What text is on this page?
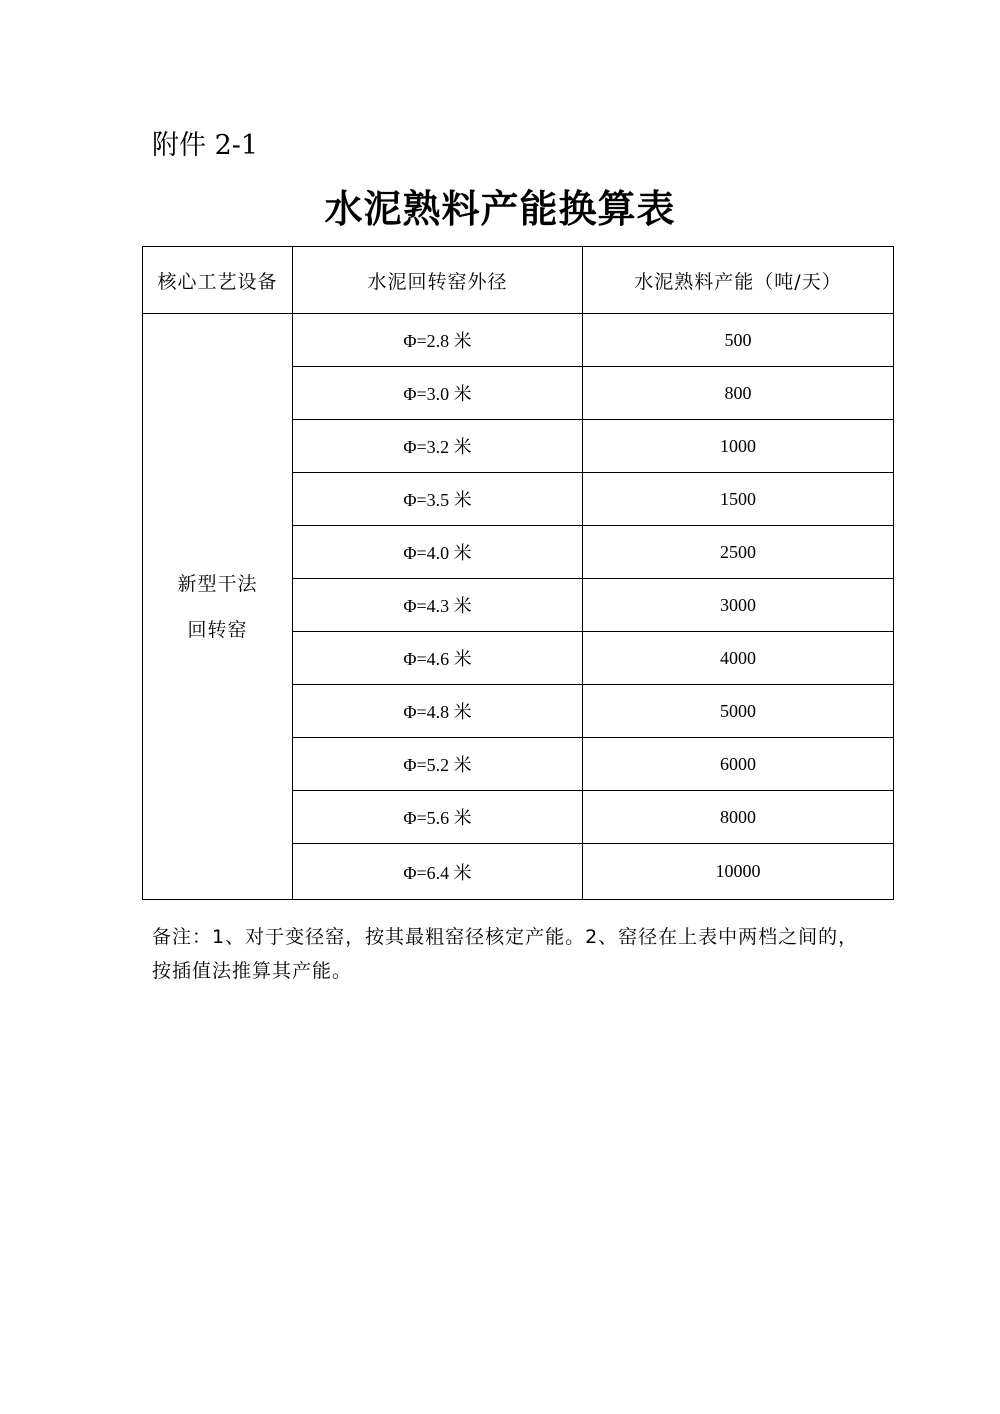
附件 2-1
水泥熟料产能换算表
核心工艺设备	水泥回转窑外径	水泥熟料产能（吨/天）

新型干法
回转窑	Φ=2.8 米	500
	Φ=3.0 米	800
	Φ=3.2 米	1000
	Φ=3.5 米	1500
	Φ=4.0 米	2500
	Φ=4.3 米	3000
	Φ=4.6 米	4000
	Φ=4.8 米	5000
	Φ=5.2 米	6000
	Φ=5.6 米	8000
	Φ=6.4 米	10000
备注：1、对于变径窑，按其最粗窑径核定产能。2、窑径在上表中两档之间的，
按插值法推算其产能。
